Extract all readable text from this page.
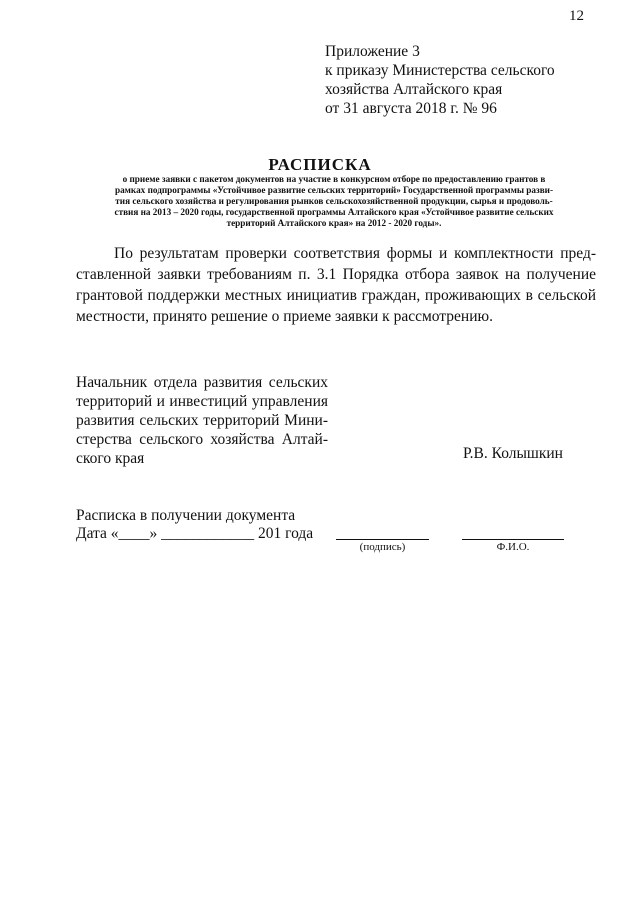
12
Приложение 3
к приказу Министерства сельского
хозяйства Алтайского края
от 31 августа 2018 г. № 96
РАСПИСКА
о приеме заявки с пакетом документов на участие в конкурсном отборе по предоставлению грантов в
рамках подпрограммы «Устойчивое развитие сельских территорий» Государственной программы разви-
тия сельского хозяйства и регулирования рынков сельскохозяйственной продукции, сырья и продоволь-
ствия на 2013 – 2020 годы, государственной программы Алтайского края «Устойчивое развитие сельских
территорий Алтайского края» на 2012 - 2020 годы».
По результатам проверки соответствия формы и комплектности пред-
ставленной заявки требованиям п. 3.1 Порядка отбора заявок на получение
грантовой поддержки местных инициатив граждан, проживающих в сельской
местности, принято решение о приеме заявки к рассмотрению.
Начальник отдела развития сельских
территорий и инвестиций управления
развития сельских территорий Мини-
стерства сельского хозяйства Алтай-
ского края	Р.В. Колышкин
Расписка в получении документа
Дата «____» ____________ 201 года
(подпись)	Ф.И.О.
